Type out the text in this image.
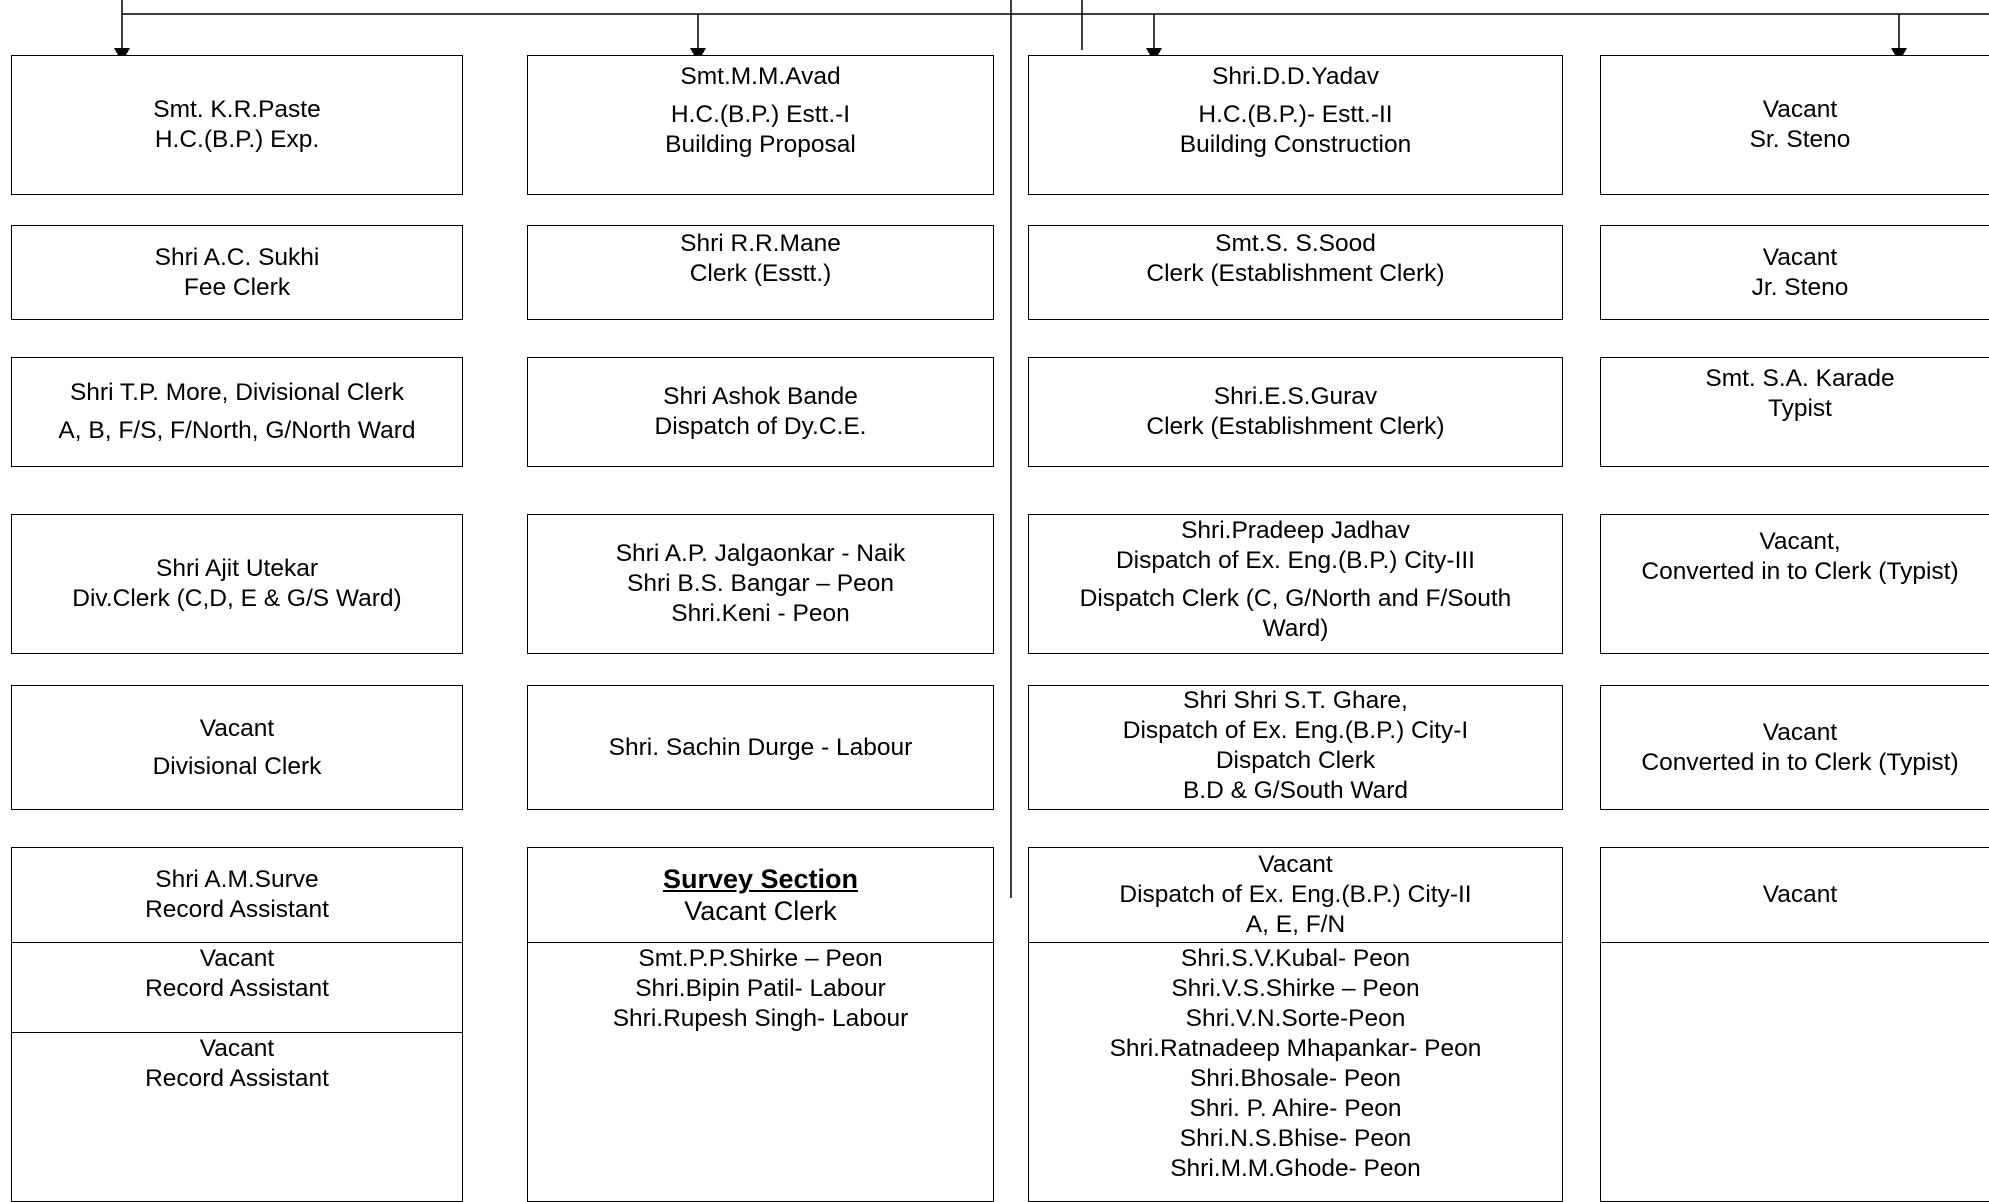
Smt. K.R.Paste
H.C.(B.P.) Exp.
Shri A.C. Sukhi
Fee Clerk
Shri T.P. More, Divisional Clerk
A, B, F/S, F/North, G/North Ward
Shri Ajit Utekar
Div.Clerk (C,D, E & G/S Ward)
Vacant
Divisional Clerk
Shri A.M.Surve
Record Assistant
Vacant
Record Assistant
Vacant
Record Assistant
Smt.M.M.Avad
H.C.(B.P.) Estt.-I
Building Proposal
Shri R.R.Mane
Clerk (Esstt.)
Shri Ashok Bande
Dispatch of Dy.C.E.
Shri A.P. Jalgaonkar - Naik
Shri B.S. Bangar – Peon
Shri.Keni - Peon
Shri. Sachin Durge - Labour
Survey Section
Vacant Clerk
Smt.P.P.Shirke – Peon
Shri.Bipin Patil- Labour
Shri.Rupesh Singh- Labour
Shri.D.D.Yadav
H.C.(B.P.)- Estt.-II
Building Construction
Smt.S. S.Sood
Clerk (Establishment Clerk)
Shri.E.S.Gurav
Clerk (Establishment Clerk)
Shri.Pradeep Jadhav
Dispatch of Ex. Eng.(B.P.) City-III
Dispatch Clerk (C, G/North and F/South
Ward)
Shri Shri S.T. Ghare,
Dispatch of Ex. Eng.(B.P.) City-I
Dispatch Clerk
B.D & G/South Ward
Vacant
Dispatch of Ex. Eng.(B.P.) City-II
A, E, F/N
Shri.S.V.Kubal- Peon
Shri.V.S.Shirke – Peon
Shri.V.N.Sorte-Peon
Shri.Ratnadeep Mhapankar- Peon
Shri.Bhosale- Peon
Shri. P. Ahire- Peon
Shri.N.S.Bhise- Peon
Shri.M.M.Ghode- Peon
Vacant
Sr. Steno
Vacant
Jr. Steno
Smt. S.A. Karade
Typist
Vacant,
Converted in to Clerk (Typist)
Vacant
Converted in to Clerk (Typist)
Vacant
